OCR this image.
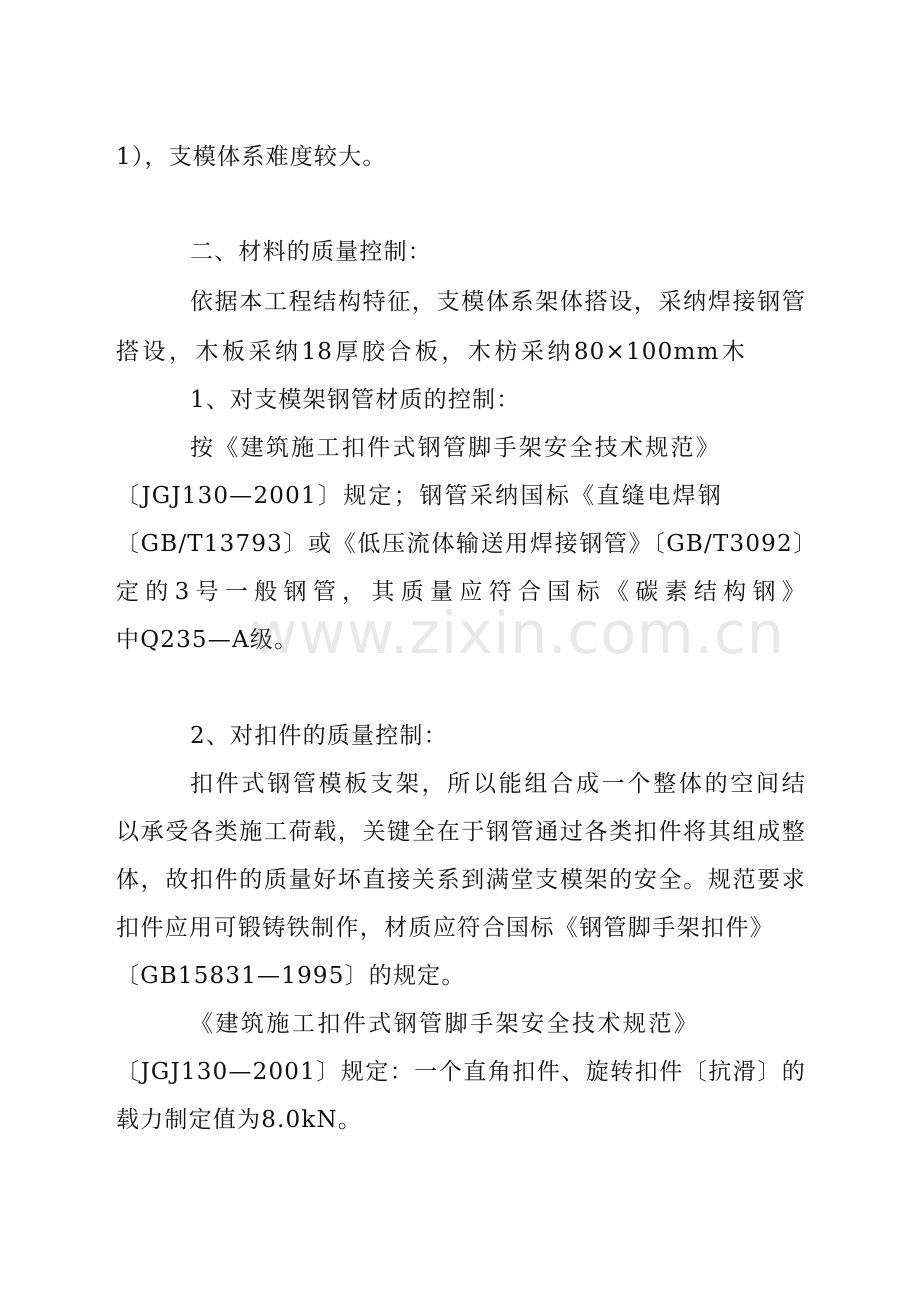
1），支模体系难度较大。

二、材料的质量控制：

依据本工程结构特征，支模体系架体搭设，采纳焊接钢管

搭设，木板采纳18厚胶合板，木枋采纳80×100mm木

1、对支模架钢管材质的控制：

按《建筑施工扣件式钢管脚手架安全技术规范》

〔JGJ130—2001〕规定；钢管采纳国标《直缝电焊钢

〔GB/T13793〕或《低压流体输送用焊接钢管》〔GB/T3092〕

定的3号一般钢管，其质量应符合国标《碳素结构钢》

中Q235—A级。

www.zixin.com.cn

2、对扣件的质量控制：

扣件式钢管模板支架，所以能组合成一个整体的空间结

以承受各类施工荷载，关键全在于钢管通过各类扣件将其组成整

体，故扣件的质量好坏直接关系到满堂支模架的安全。规范要求

扣件应用可锻铸铁制作，材质应符合国标《钢管脚手架扣件》

〔GB15831—1995〕的规定。

《建筑施工扣件式钢管脚手架安全技术规范》

〔JGJ130—2001〕规定：一个直角扣件、旋转扣件〔抗滑〕的

载力制定值为8.0kN。
